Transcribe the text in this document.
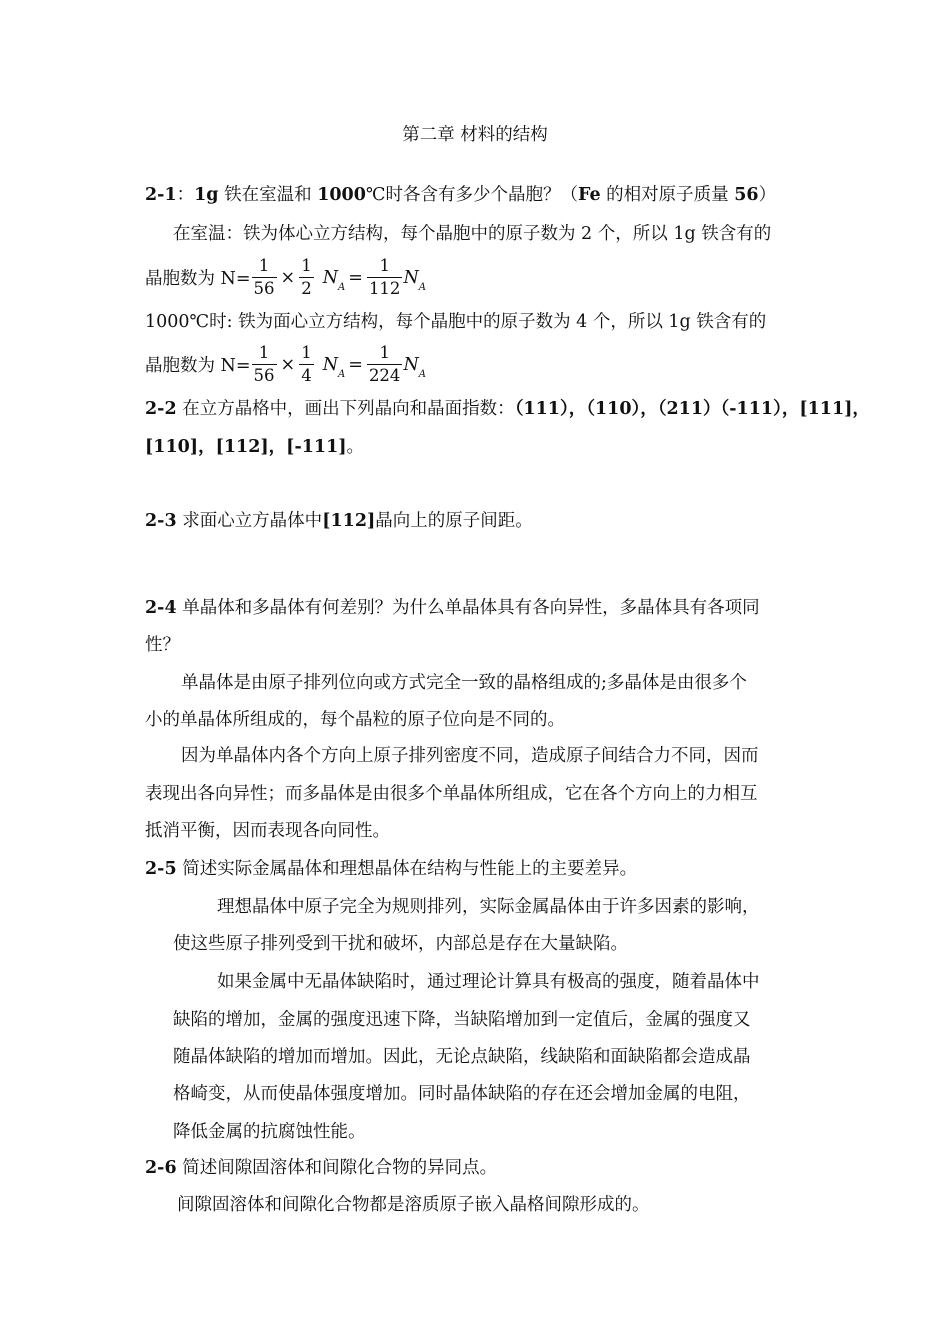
第二章 材料的结构
2-1：1g 铁在室温和 1000℃时各含有多少个晶胞？（Fe 的相对原子质量 56）
在室温：铁为体心立方结构，每个晶胞中的原子数为 2 个，所以 1g 铁含有的
晶胞数为 $N= \frac{1}{56} \times \frac{1}{2}$ N $A = \frac{1}{112}$ N A
1000℃时: 铁为面心立方结构，每个晶胞中的原子数为 4 个，所以 1g 铁含有的
晶胞数为 $N= \frac{1}{56} \times \frac{1}{4}$ N $A = \frac{1}{224}$ N A
2-2 在立方晶格中，画出下列晶向和晶面指数：（111），（110），（211）（-111），[111]，
[110]，[112]，[-111]。
2-3 求面心立方晶体中[112]晶向上的原子间距。
2-4 单晶体和多晶体有何差别？为什么单晶体具有各向异性，多晶体具有各项同
性？
单晶体是由原子排列位向或方式完全一致的晶格组成的;多晶体是由很多个
小的单晶体所组成的，每个晶粒的原子位向是不同的。
因为单晶体内各个方向上原子排列密度不同，造成原子间结合力不同，因而
表现出各向异性；而多晶体是由很多个单晶体所组成，它在各个方向上的力相互
抵消平衡，因而表现各向同性。
2-5 简述实际金属晶体和理想晶体在结构与性能上的主要差异。
理想晶体中原子完全为规则排列，实际金属晶体由于许多因素的影响，
使这些原子排列受到干扰和破坏，内部总是存在大量缺陷。
如果金属中无晶体缺陷时，通过理论计算具有极高的强度，随着晶体中
缺陷的增加，金属的强度迅速下降，当缺陷增加到一定值后，金属的强度又
随晶体缺陷的增加而增加。因此，无论点缺陷，线缺陷和面缺陷都会造成晶
格崎变，从而使晶体强度增加。同时晶体缺陷的存在还会增加金属的电阻，
降低金属的抗腐蚀性能。
2-6 简述间隙固溶体和间隙化合物的异同点。
间隙固溶体和间隙化合物都是溶质原子嵌入晶格间隙形成的。
